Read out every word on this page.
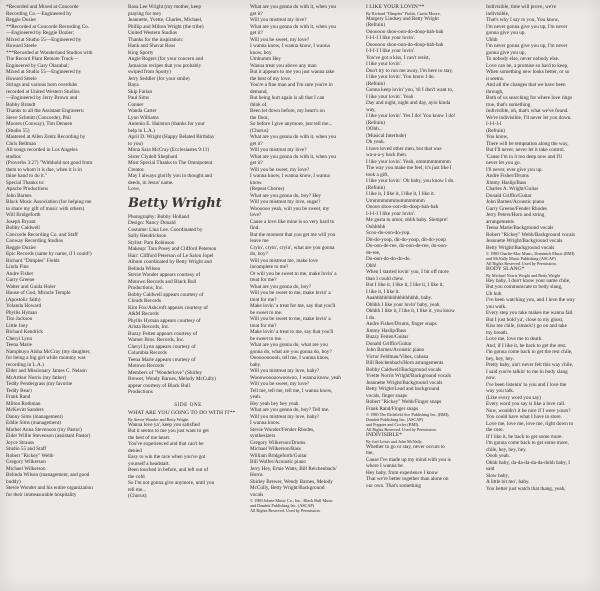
*Recorded and Mixed at Concorde

Recording Co.—Engineered by

Reggie Dozier

**Recorded at Concorde Recording Co.

—Engineered by Reggie Dozier;

Mixed at Studio 55—Engineered by

Howard Steele

***Recorded at Wonderland Studios with

The Record Plant Remote Truck—

Engineered by Gary Olazabal;

Mixed at Studio 55—Engineered by

Howard Steele

Strings and various horn overdubs

recorded at United Western Studios

—Engineered by Jerry Brown and

Bobby Brandt

Thanks to all the Assistant Engineers:

Steve Schmitt (Concorde), Phil

Moores (Conway), Tim Dennen

(Studio 55)

Mastered at Allen Zentz Recording by

Chris Bellman

All songs recorded in Los Angeles

studios

(Proverbs 3:27) "Withhold not good from

them to whom it is due, when it is in

thine hand to do it."

Special Thanks to:

Apache Productions

John Barnes

Black Music Association (for helping me

to share my gift of music with others)

Will Bridgeforth

Joseph Bryant

Bobby Caldwell

Concorde Recording Co. and Staff

Conway Recording Studios

Reggie Dozier

Epic Records (same by name, if I could!)

Richard "Dimples" Fields

Linda Fine

Andre Fisher

Garry Greene

Walter and Guida Holer

House of God, Miracle Temple

(Apostolic faith)

Yolanda Howard

Phyllis Hyman

Tito Jackson

Little Joey

Richard Kendrick

Cheryl Lynn

Teena Marie

Nampbuyo Aisha McCray (my daughter,

for being a big girl while mommy was

recording in L.A.)

Elder and Missionary James C. Nelson

McArthur Norris (my father)

Teddy Pendergrass (my favorite

Teddy Bear)

Frank Rand

Milton Rothman

McKevitt Sanders

Danny Sims (management)

Eddie Sims (management)

Mother Anna Stevenson (my Pastor)

Elder Willie Stevenson (assistant Pastor)

Joyce Strauss

Studio 55 and Staff

Robert "Rickey" Webb

Gregory Wilkerson

Michael Wilkerson

Belinda Wilson (management, and good

buddy)

Stevie Wonder and his entire organization

for their immeasurable hospitality

Rosa Lee Wright (my mother, keep

praying for me)

Jeannette, Yvette, Charles, Michael,

Phillip and Milton Wright (the tribe)

United Western Studios

Thanks for the inspiration:

Hank and Shavar Ross

King Sporty

Angie Rogers (for your concern and

Jamaican recipes that you probably

swiped from Sporty)

Jerry Seddler (for your smile)

Baya

Skip Farian

Paul Sims

Conner

Wanda Carter

Lynn Williams

Antonio E. Hairston (thanks for your

help in L.A.)

April D. Wright (Happy Belated Birthday

to you)

Mona Sara McCray (Ecclesiastes 9:11)

Sister Clydell Shephard

Most Special Thanks to The Omnipotent

Creator.

May I always glorify you in thought and

deeds, in Jesus' name.

Love,

Betty Wright

Photography: Bobby Holland

Design: Nancy Donald

Costume: Lina Lee. Coordinated by

Sally Hendrickson

Stylist: Pam Robinson

Makeup: Tara Posey and Clifford Peterson

Hair: Clifford Peterson of Le Salon Jopel

Album coordinated by Betty Wright and

Belinda Wilson

Stevie Wonder appears courtesy of

Motown Records and Black Bull

Productions, Inc.

Bobby Caldwell appears courtesy of

Clouds Records

Kim Fox/Ashcroft appears courtesy of

A&M Records

Phyllis Hyman appears courtesy of

Arista Records, Inc.

Buzzy Feiten appears courtesy of

Warner Bros. Records, Inc.

Cheryl Lynn appears courtesy of

Columbia Records

Teena Marie appears courtesy of

Motown Records

Members of "Wonderlove" (Shirley

Brewer, Wendy Barnes, Melody McCully)

appear courtesy of Black Bull

Productions

SIDE ONE

WHAT ARE YOU GOING TO DO WITH IT**

By Stevie Wonder and Betty Wright

Wanna love ya', keep you satisfied

But it seems to me you just want to get

the best of me heart.

You've experienced and that can't be

denied

Easy to win the race when you've got

yourself a headstart.

Been touched in before, and left out of

the cold

So I'm not gonna give anymore, until you

tell me...

(Chorus)

What are you gonna do with it, when you

get it?

Will you mistreat my love?

What are you gonna do with it, when you

get it?

Will you be sweet, my love?

I wanna know, I wanna know, I wanna

know, boy.

Umhumm Hey

Wanna treat you above any man

But it appears to me you just wanna take

the best of my love.

You're a fine man and I'm sure you're in

demand,

But being hurt again is all that I can

think of.

Been let down before, my heart's on

the floor,

So before I give anymore, just tell me...

(Chorus)

What are you gonna do with it, when you

get it?

Will you mistreat my love?

What are you gonna do with it, when you

get it?

Will you be sweet, my love?

I wanna know, I wanna know, I wanna

know.

(Repeat Chorus)

What are you gonna do, boy? Hey

Will you mistreat my love, sugar?

Woooooo yeah, will you be sweet, my

love?

Cause a love like mine is so very hard to

find.

But the moment that you get me will you

leave me

Cryin', cryin', cryin', what are you gonna

do, boy?

Will you mistreat me, make love

incomplete to me?

Or will you be sweet to me, make lovin' a

treat for me?

What are you gonna do, boy?

Will you be sweet to me, make lovin' a

treat for me?

Make lovin' a treat for me, say that you'll

be sweet to me.

Will you be sweet to me, make lovin' a

treat for me?

Make lovin' a treat to me, say that you'll

be sweet to me.

What are you gonna do, what are you

gonna do, what are you gonna do, boy?

Ooooooooooh, tell me, I wanna know,

baby.

Will you mistreat my love, baby?

Wooowooooowoowoo, I wanna know, yeah

Will you be sweet, my love?

Tell me, tell me, tell me, I wanna know,

yeah.

Hey yeah hey hey yeah.

What are you gonna do, boy? Tell me.

Will you mistreat my love, baby?

I wanna know.

Stevie Wonder/Fender Rhodes,

synthesizers

Gregory Wilkerson/Drums

Michael Wilkerson/Bass

William Bridgeforth/Guitar

Bill Wolfer/Acoustic piano

Jerry Hey, Ernie Watts, Bill Reichenbach/

Horns

Shirley Brewer, Wendy Barnes, Melody

McCully, Betty Wright/Background

vocals

© 1980 Jobete Music Co., Inc., Black Bull Music

and Dandett Publishing Inc. (ASCAP)

All Rights Reserved. Used by Permission.

I LIKE YOUR LOVIN'**

By Richard "Dimples" Fields, Curtis Moore,

Margery Lindsey and Betty Wright

(Refrain)

Ooooooo shoo-oon-do-doop-bah-bah

I-I-I-I I like your lovin'.

Ooooooo shoo-oon-do-doop-bah-bah

I-I-I-I I like your lovin'.

You've got a kiss, I can't resist,

I like your lovin'.

Don't try to run me away, I'm here to stay,

I like your lovin'. You know I do.

(Refrain)

Gonna keep lovin' you, 'til I don't want to,

I like your lovin'. Yeah

Day and night, night and day, ayio kinda

way,

I like your lovin'. Yes I do! You know I do!

(Refrain)

OOhh...

(Musical Interlude)

Oh yeah.

I have loved other men, but that was

wa-a-a-y back then.

I like your lovin'. Yeah, ummmmmmmm

The way you make me feel, it's just like I

took a gift,

I like your lovin'. Oh baby, you know I do.

(Refrain)

I like it, I like it, I like it, I like it.

Ummmmmmmummmmmm

Ooooo shoo-oon-do-doop-bah-bah

I-I-I-I I like your lovin'.

Me gusta tu amor, ohhh baby. Siempre!

Oohhhhh

Scoo-do-oon-do-yop.

Dit-do-yoop, dit-do-yoop, dit-do-yoop

Do-oon-de-ree, do-oon-de-ree, do-oon-

de-ree,

Do-oon-do-do-do-do.

Ohh!

When I started lovin' you, I bit off more

than I could chew.

But I like it, I like it, I like it, I like it,

I like it, I like it.

Aaahhhhhhhhhhhhhhhhh, baby.

Ohhhh I like your lovin' baby, yeah.

Ohhhh I like it, I like it, I like it, you know

I do.

Andre Fisher/Drums, finger snaps

Jimmy Haslip/Bass

Buzzy Feiten/Guitar

Donald Griffin/Guitar

John Barnes/Acoustic piano

Victor Feldman/Vibes, cabasa

Bill Reichenbach/Horn arrangements

Bobby Caldwell/Background vocals

Yvette Norris Wright/Background vocals

Jeannette Wright/Background vocals

Betty Wright/Lead and background

vocals, finger snaps

Robert "Rickey" Webb/Finger snaps

Frank Rand/Finger snaps

© 1980 The Richfield Ace Publishing Inc. (BMI),

Dandett Publishing Inc. (ASCAP)

and Poppies and Circles (BMI).

All Rights Reserved. Used by Permission.

INDIVISIBLE*

By Joel Lewis and John McNally

Whether to go or stay, never occurs to

me,

Cause I've made up my mind with you is

where I wanna be.

Hey baby, from experience I know

That we're better together than alone on

our own. That's something

Indivisible, time will prove, we're

indivisible,

That's why I say to you, You know,

I'm never gonna give you up, I'm never

gonna give you up.

Uhhh

I'm never gonna give you up, I'm never

gonna give you up,

To nobody else, never nobody else.

Love can be, a promise so hard to keep,

When something new looks better, or so

it seems.

And all the changes that we have been

through,

Both of us searching for where love rings

true, that's something

Indivisible, oh, that's what we've found.

We're indivisible, I'll never let you down.

I-I-I-I-I

(Refrain)

You know,

There will be temptation along the way,

But I'll never, never let it take control.

'Cause I'm in it too deep now and I'll

never let you go.

I'll never, ever give you up.

Andre Fisher/Drums

Jimmy Haslip/Bass

Charles A. Wright/Guitar

Donald Griffin/Guitar

John Barnes/Acoustic piano

Garry Greene/Fender Rhodes

Jerry Peters/Horn and string

arrangements

Teena Marie/Background vocals

Robert "Rickey" Webb/Background vocals

Jeannette Wright/Background vocals

Betty Wright/Background vocals

© 1980 Charlie-Mac Music, Dominick Music (BMI)

and McNally Music Publishing (ASCAP)

All Rights Reserved. Used by Permission.

BODY SLANG*

By Michael Norris Wright and Betty Wright

Hey baby, I don't know your name chile,

But you communicate to body slang,

Uh huh

I've been watching you, and I love the way

you walk.

Every step you take makes me wanna fall.

But I just hold ya', close to my ghost,

Kiss me chile, (smack!) go on and take

my breath.

Love me, love me to death.

And, if I like it, be back to get the rest.

I'm gonna come back to get the rest chile,

hey, hey, hey.

Pretty baby, ain't never felt this way chile,

I said you're talkin' to me in body slang

now.

I've been listenin' to you and I love the

way you talk.

(Like every word you say)

Every word you say is like a love call.

Now, wouldn't it be nice if I were yours?

You could have what I have in store.

Love me, love me, love me, right down to

the core.

If I like it, be back to get some more.

I'm gonna come back to get some more,

chile, hey, hey, hey.

Oooh yeah.

Ohhh baby, da-da-da-da-da-dohh baby, I

said

Slow baby,

A little bit mo', baby.

You better just watch that thang, yeah,
